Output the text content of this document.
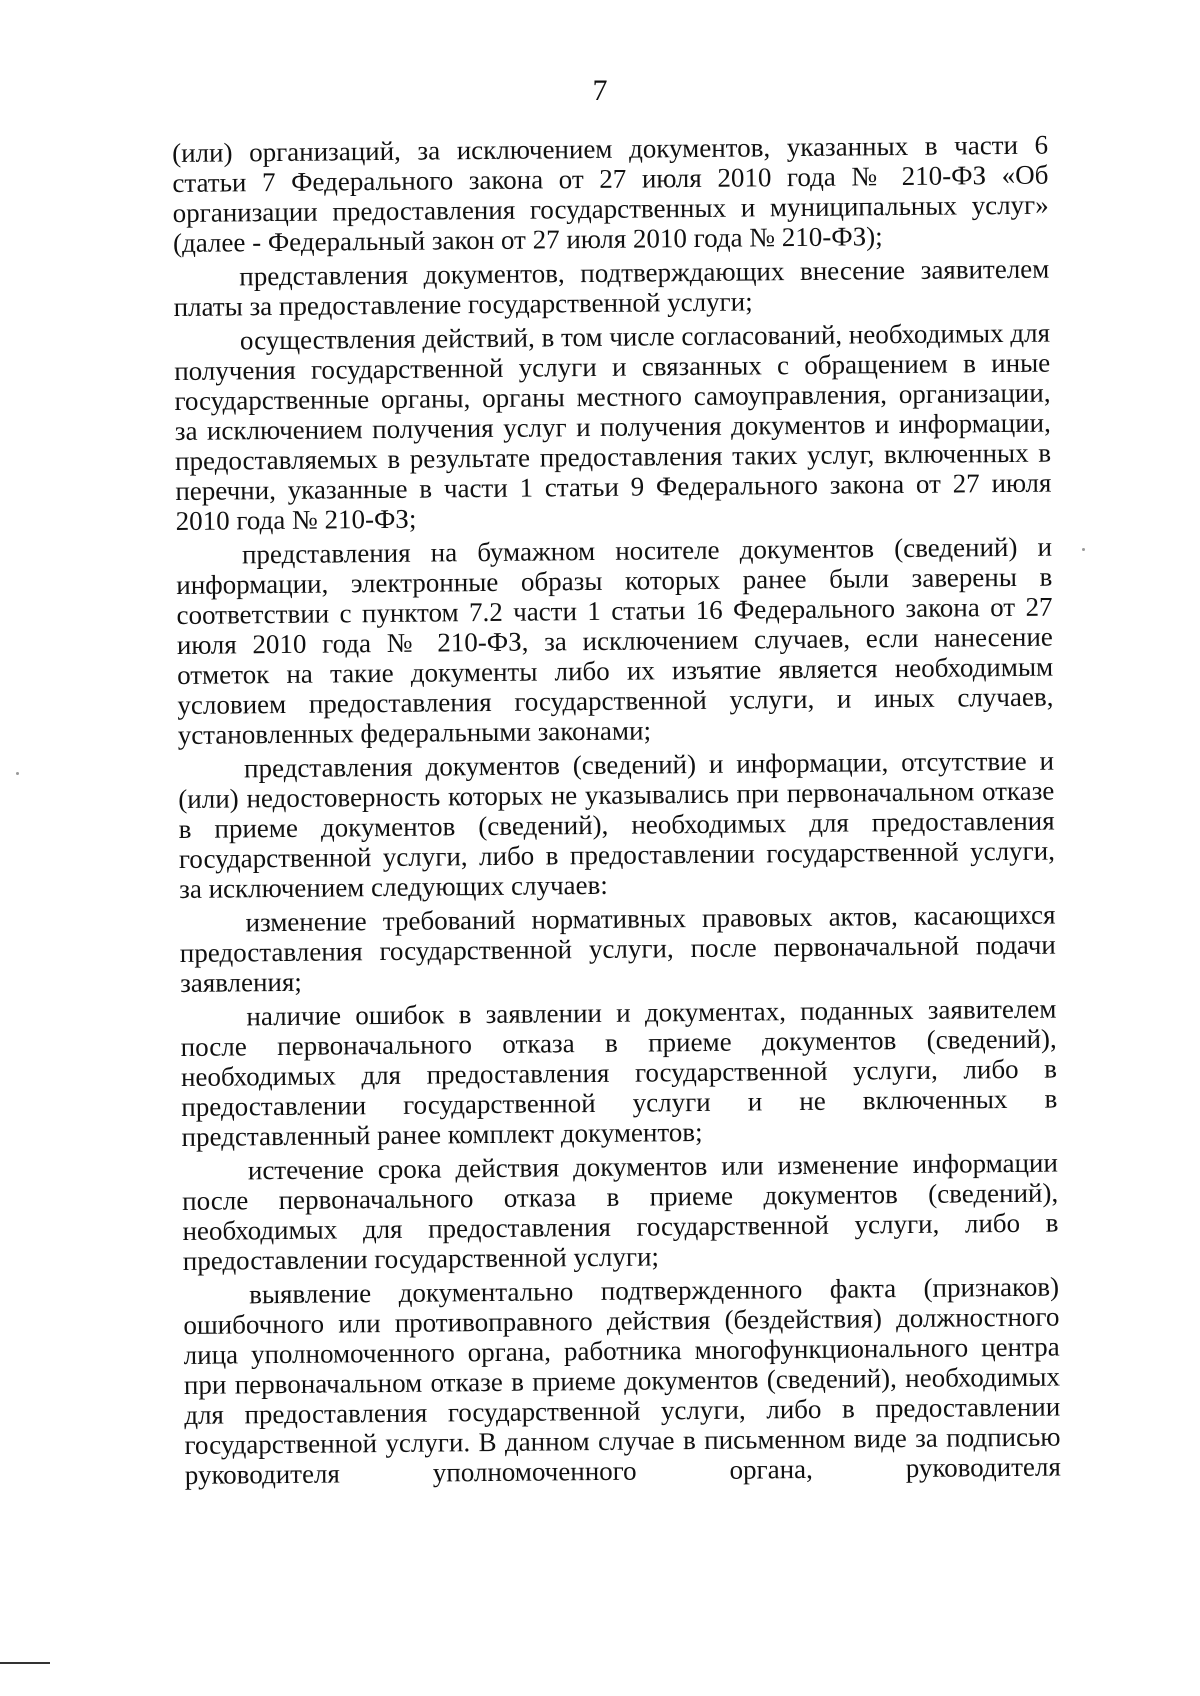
7

(или) организаций, за исключением документов, указанных в части 6 статьи 7 Федерального закона от 27 июля 2010 года № 210-ФЗ «Об организации предоставления государственных и муниципальных услуг» (далее - Федеральный закон от 27 июля 2010 года № 210-ФЗ);

представления документов, подтверждающих внесение заявителем платы за предоставление государственной услуги;

осуществления действий, в том числе согласований, необходимых для получения государственной услуги и связанных с обращением в иные государственные органы, органы местного самоуправления, организации, за исключением получения услуг и получения документов и информации, предоставляемых в результате предоставления таких услуг, включенных в перечни, указанные в части 1 статьи 9 Федерального закона от 27 июля 2010 года № 210-ФЗ;

представления на бумажном носителе документов (сведений) и информации, электронные образы которых ранее были заверены в соответствии с пунктом 7.2 части 1 статьи 16 Федерального закона от 27 июля 2010 года № 210-ФЗ, за исключением случаев, если нанесение отметок на такие документы либо их изъятие является необходимым условием предоставления государственной услуги, и иных случаев, установленных федеральными законами;

представления документов (сведений) и информации, отсутствие и (или) недостоверность которых не указывались при первоначальном отказе в приеме документов (сведений), необходимых для предоставления государственной услуги, либо в предоставлении государственной услуги, за исключением следующих случаев:

изменение требований нормативных правовых актов, касающихся предоставления государственной услуги, после первоначальной подачи заявления;

наличие ошибок в заявлении и документах, поданных заявителем после первоначального отказа в приеме документов (сведений), необходимых для предоставления государственной услуги, либо в предоставлении государственной услуги и не включенных в представленный ранее комплект документов;

истечение срока действия документов или изменение информации после первоначального отказа в приеме документов (сведений), необходимых для предоставления государственной услуги, либо в предоставлении государственной услуги;

выявление документально подтвержденного факта (признаков) ошибочного или противоправного действия (бездействия) должностного лица уполномоченного органа, работника многофункционального центра при первоначальном отказе в приеме документов (сведений), необходимых для предоставления государственной услуги, либо в предоставлении государственной услуги. В данном случае в письменном виде за подписью руководителя уполномоченного органа, руководителя
